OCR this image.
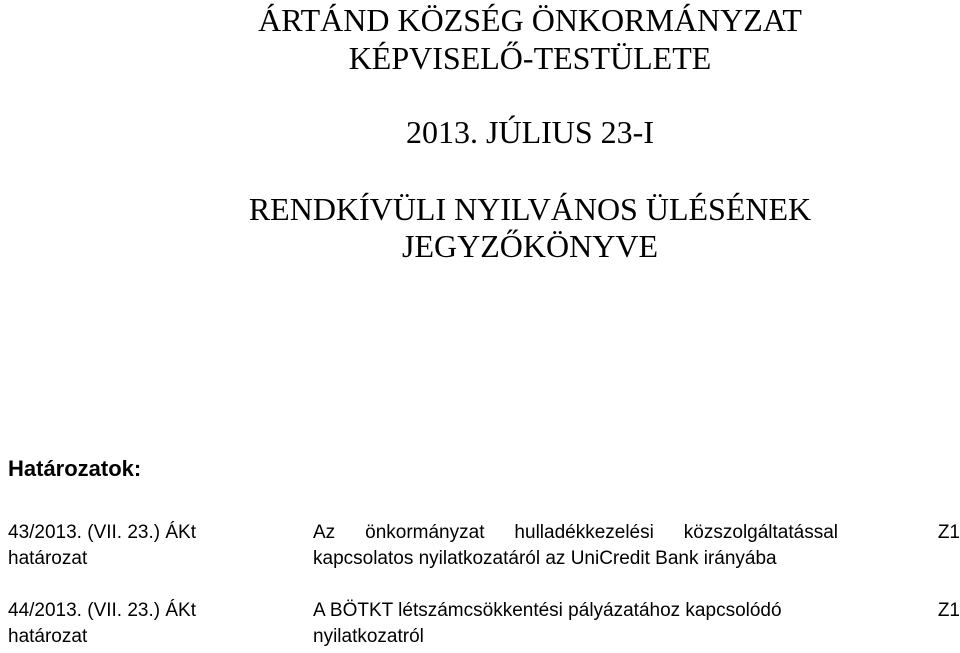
ÁRTÁND KÖZSÉG ÖNKORMÁNYZAT
KÉPVISELŐ-TESTÜLETE
2013. JÚLIUS 23-I
RENDKÍVÜLI NYILVÁNOS ÜLÉSÉNEK
JEGYZŐKÖNYVE
Határozatok:
43/2013. (VII. 23.) ÁKt
határozat
Az önkormányzat hulladékkezelési közszolgáltatással
kapcsolatos nyilatkozatáról az UniCredit Bank irányába
Z1
44/2013. (VII. 23.) ÁKt
határozat
A BÖTKT létszámcsökkentési pályázatához kapcsolódó
nyilatkozatról
Z1
